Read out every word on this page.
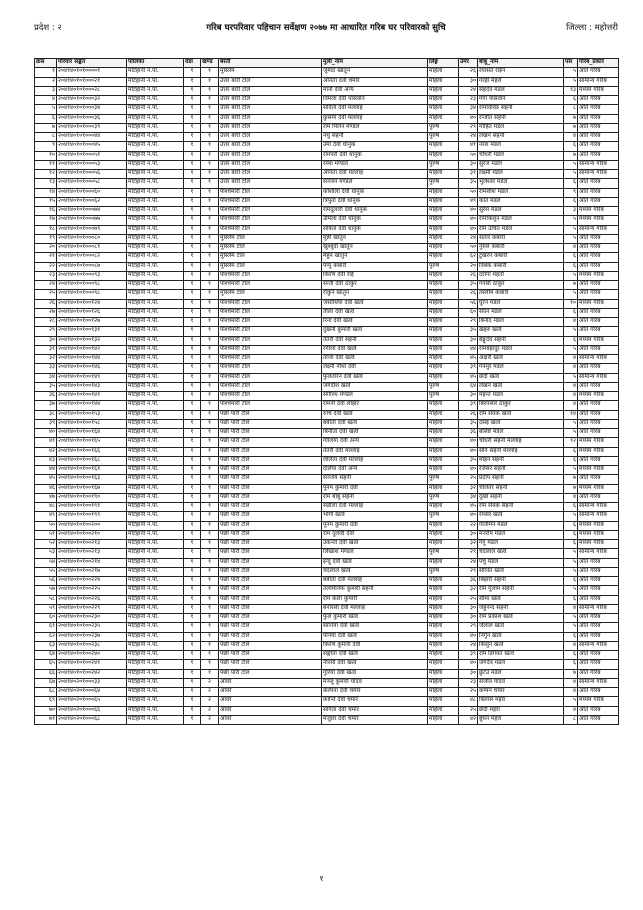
प्रदेश : २	गरिब घरपरिवार पहिचान सर्वेक्षण २०७७ मा आधारित गरिब घर परिवारको सुचि	जिल्ला : महोत्तरी
क्रसं	परिवार संङ्केत	पालिका	वडा	खण्ड	बस्ती	मुली_नाम	लिङ्ग	उमेर	बाबु_नाम	पसं	गरिब_प्रकार
१	२०४१४०१०१००००१	मटिहानी न.पा.	१	१	मुस्लिम	जुमेदा खातुन	महिला	२६	रयासत राईन	५	अति गरिब
२	२०४१४०१०१०००२१	मटिहानी न.पा.	१	१	उत्तर बारी टोल	अनिता देवी चमार	महिला	३०	गरही महरा	५	सामान्य गरिब
३	२०४१४०१०१०००२८	मटिहानी न.पा.	१	१	उत्तर बारी टोल	मानो देवी अन्य	महिला	२४	सहदेव मंडल	१३	मध्यम गरिब
४	२०४१४०१०१०००३२	मटिहानी न.पा.	१	१	उत्तर बारी टोल	विमला देवी पासवान	महिला	२३	गंगा पासवान	६	अति गरिब
५	२०४१४०१०१०००३४	मटिहानी न.पा.	१	१	उत्तर बारी टोल	सर्वितो देवी मल्लाह	महिला	३४	रामविरिछ सहनी	८	अति गरिब
६	२०४१४०१०१०००३६	मटिहानी न.पा.	१	१	उत्तर बारी टोल	कुसमा देवी मल्लाह	महिला	४०	रन्जीत सहनी	७	अति गरिब
७	२०४१४०१०१०००३९	मटिहानी न.पा.	१	१	उत्तर बारी टोल	राम मिलन मण्डल	पुरुष	२९	मोहित मंडल	७	अति गरिब
८	२०४१४०१०१०००४४	मटिहानी न.पा.	१	१	उत्तर बारी टोल	नथु सहनी	पुरुष	२४	लखन सहनी	४	अति गरिब
९	२०४१४०१०१०००४५	मटिहानी न.पा.	१	१	उत्तर बारी टोल	उमा देवी धानुक	महिला	४१	नरेश मंडल	६	अति गरिब
१०	२०४१४०१०१०००५१	मटिहानी न.पा.	१	१	उत्तर बारी टोल	रामपरी देवी धानुक	महिला	५०	चौधरी मंडल	७	अति गरिब
११	२०४१४०१०१०००५३	मटिहानी न.पा.	१	१	उत्तर बारी टोल	रमेश मण्डल	पुरुष	३०	सुरज मंडल	५	सामान्य गरिब
१२	२०४१४०१०१०००५६	मटिहानी न.पा.	१	१	उत्तर बारी टोल	अनिता देवी मल्लाह	महिला	३१	लक्ष्मी मंडल	५	सामान्य गरिब
१३	२०४१४०१०१०००५८	मटिहानी न.पा.	१	१	उत्तर बारी टोल	सञ्जन मण्डल	पुरुष	३५	भुलेश्वर मंडल	६	अति गरिब
१४	२०४१४०१०१०००६०	मटिहानी न.पा.	१	१	पश्चिमारी टोल	कौशीला देवी धानुक	महिला	५०	रामशीश मंडल	९	अति गरिब
१५	२०४१४०१०१०००६२	मटिहानी न.पा.	१	१	पश्चिमारी टोल	त्रिपुता देवी धानुक	महिला	४९	कांत मंडल	६	अति गरिब
१६	२०४१४०१०१०००७४	मटिहानी न.पा.	१	१	पश्चिमारी टोल	रामदुलारी देवी धानुक	महिला	४०	सुरेस मंडल	३	मध्यम गरिब
१७	२०४१४०१०१०००७७	मटिहानी न.पा.	१	१	पश्चिमारी टोल	उर्मिला देवी धानुक	महिला	४०	रामकिशुन मंडल	५	मध्यम गरिब
१८	२०४१४०१०१०००७९	मटिहानी न.पा.	१	१	पश्चिमारी टोल	सबिता देवी धानुक	महिला	४०	राम उचित मंडल	५	सामान्य गरिब
१९	२०४१४०१०१०००८०	मटिहानी न.पा.	१	१	मुस्लिम टोल	मुन्नी खातुन	महिला	२४	सतार कबारी	५	अति गरिब
२०	२०४१४०१०१०००८१	मटिहानी न.पा.	१	१	मुस्लिम टोल	खुश्बुदा खातुन	महिला	५०	नुरुल कबारी	४	अति गरिब
२१	२०४१४०१०१०००८२	मटिहानी न.पा.	१	१	मुस्लिम टोल	मेहुन खातुन	महिला	६२	टुखरन कबारी	६	अति गरिब
२२	२०४१४०१०१०००८७	मटिहानी न.पा.	१	१	मुस्लिम टोल	पप्पु कबारी	पुरुष	२०	विबक कबारी	६	अति गरिब
२३	२०४१४०१०१०००९३	मटिहानी न.पा.	१	१	पश्चिमारी टोल	किरण देवी राई	महिला	२६	दरोगा महतो	५	मध्यम गरिब
२४	२०४१४०१०१०००९८	मटिहानी न.पा.	१	१	पश्चिमारी टोल	सन्ती देवी ठाकुर	महिला	३५	गनेसी ठाकुर	७	अति गरिब
२५	२०४१४०१०१०००९८	मटिहानी न.पा.	१	१	मुस्लिम टोल	रौकुन खातुन	महिला	२६	तस्लीम कबारी	५	अति गरिब
२६	२०४१४०१०१००१२४	मटिहानी न.पा.	१	१	पश्चिमारी टोल	जसोधिया देवी खत्वे	महिला	५६	घुरन मंडल	१०	मध्यम गरिब
२७	२०४१४०१०१००१२६	मटिहानी न.पा.	१	१	पश्चिमारी टोल	तीला देवी खत्वे	महिला	६०	सेवन मंडल	६	अति गरिब
२८	२०४१४०१०१००१२७	मटिहानी न.पा.	१	१	पश्चिमारी टोल	रिना देवी खत्वे	महिला	२९	बिनोद मंडल	४	अति गरिब
२९	२०४१४०१०१००१३१	मटिहानी न.पा.	१	१	पश्चिमारी टोल	दुखनी कुमारी खत्वे	महिला	३५	खेहरु खत्वे	५	अति गरिब
३०	२०४१४०१०१००१३२	मटिहानी न.पा.	१	१	पश्चिमारी टोल	तेतरी देवी सहनी	महिला	३०	बेङ्गुदेव सहनी	६	मध्यम गरिब
३१	२०४१४०१०१००१४२	मटिहानी न.पा.	१	१	पश्चिमारी टोल	रंगीला देवी खत्वे	महिला	४४	रामबहादुर मंडल	५	अति गरिब
३२	२०४१४०१०१००१४४	मटिहानी न.पा.	१	१	पश्चिमारी टोल	ताजो देवी खत्वे	महिला	४५	अक्षरी खत्वे	४	सामान्य गरिब
३३	२०४१४०१०१००१४६	मटिहानी न.पा.	१	१	पश्चिमारी टोल	लक्ष्मी नीथा देवी	महिला	३९	गनमुर मंडल	४	अति गरिब
३४	२०४१४०१०१००१४९	मटिहानी न.पा.	१	१	पश्चिमारी टोल	फुलतारन देवी खत्वे	महिला	४५	छेदी खत्वे	५	सामान्य गरिब
३५	२०४१४०१०१००१४३	मटिहानी न.पा.	१	१	पश्चिमारी टोल	जगदीश खत्वे	पुरुष	६४	लखन खत्वे	४	अति गरिब
३६	२०४१४०१०१००१४१	मटिहानी न.पा.	१	१	पश्चिमारी टोल	संगीरथ मण्डल	पुरुष	३०	महन्त मंडल	४	मध्यम गरिब
३७	२०४१४०१०१००१४४	मटिहानी न.पा.	१	१	पश्चिमारी टोल	रामनी देवी लोहार	महिला	३९	बिरपसार ठाकुर	४	अति गरिब
३८	२०४१४०१०१००१५३	मटिहानी न.पा.	१	१	पछी पारी टोल	रुचि देवी खत्वे	महिला	२६	राम सेवक खत्वे	१४	अति गरिब
३९	२०४१४०१०१००१५८	मटिहानी न.पा.	१	१	पछी पारी टोल	बबीता देवी खत्वे	महिला	३५	दसई खत्वे	५	अति गरिब
४०	२०४१४०१०१००१६४	मटिहानी न.पा.	१	१	पछी पारी टोल	बिनीता देवी खत्वे	महिला	३६	बसिष्ट मंडल	५	अति गरिब
४१	२०४१४०१०१००१६५	मटिहानी न.पा.	१	१	पछी पारी टोल	गोलिया देवी अन्य	महिला	४०	चौधरी सहनी मल्लाह	१२	मध्यम गरिब
४२	२०४१४०१०१००१६६	मटिहानी न.पा.	१	१	पछी पारी टोल	तेतरी देवी मल्लाह	महिला	४०	सौने सहनी मल्लाह	६	मध्यम गरिब
४३	२०४१४०१०१००१६८	मटिहानी न.पा.	१	१	पछी पारी टोल	ललिता देवी मल्लाह	महिला	३५	मोहन सहनी	६	अति गरिब
४४	२०४१४०१०१००१६१	मटिहानी न.पा.	१	१	पछी पारी टोल	दलिया देवी अन्य	महिला	४०	रजेसर सहनी	५	मध्यम गरिब
४५	२०४१४०१०१००१६३	मटिहानी न.पा.	१	१	पछी पारी टोल	सञ्जय सहनी	पुरुष	२५	प्रदीप सहनी	७	अति गरिब
४६	२०४१४०१०१००१६७	मटिहानी न.पा.	१	१	पछी पारी टोल	पूनम कुमारी देवी	महिला	३२	चलितर सहनी	७	मध्यम गरिब
४७	२०४१४०१०१००१९०	मटिहानी न.पा.	१	१	पछी पारी टोल	राम बाबु सहनी	पुरुष	३४	दुखी सहनी	४	अति गरिब
४८	२०४१४०१०१००१९१	मटिहानी न.पा.	१	१	पछी पारी टोल	सडीला देवी मल्लाह	महिला	४५	राम सेवक सहनी	६	सामान्य गरिब
४९	२०४१४०१०१००१९९	मटिहानी न.पा.	१	१	पछी पारी टोल	भोगी खत्वे	पुरुष	४०	रमसेर खत्वे	५	सामान्य गरिब
५०	२०४१४०१०१००२००	मटिहानी न.पा.	१	१	पछी पारी टोल	पूनम कुमारी देवी	महिला	२२	गोतीमन मंडल	६	मध्यम गरिब
५१	२०४१४०१०१००२१०	मटिहानी न.पा.	१	१	पछी पारी टोल	राम दुलारी देवी	महिला	३०	मनरोप मंडल	६	मध्यम गरिब
५२	२०४१४०१०१००२१३	मटिहानी न.पा.	१	१	पछी पारी टोल	उकन्ती देवी खत्वे	महिला	३२	गंगु मंडल	६	मध्यम गरिब
५३	२०४१४०१०१००२१३	मटिहानी न.पा.	१	१	पछी पारी टोल	लिखाश मण्डल	पुरुष	२९	चंदलाल खत्वे	५	सामान्य गरिब
५४	२०४१४०१०१००२१४	मटिहानी न.पा.	१	१	पछी पारी टोल	इन्दु देवी खत्वे	महिला	२४	पचु मंडल	५	अति गरिब
५५	२०४१४०१०१००२१७	मटिहानी न.पा.	१	१	पछी पारी टोल	चंदलाल खत्वे	पुरुष	२९	सोनित खत्वे	५	अति गरिब
५६	२०४१४०१०१००२२४	मटिहानी न.पा.	१	१	पछी पारी टोल	बबीता देवी मल्लाह	महिला	३६	बिहारी सहनी	६	अति गरिब
५७	२०४१४०१०१००२२५	मटिहानी न.पा.	१	१	पछी पारी टोल	तलमिनिया कुमारी सहनी	महिला	३२	राम गुलाम सहनी	५	अति गरिब
५८	२०४१४०१०१००२२६	मटिहानी न.पा.	१	१	पछी पारी टोल	राम कला कुमारी	महिला	२५	सीमा खत्वे	६	अति गरिब
५९	२०४१४०१०१००२२९	मटिहानी न.पा.	१	१	पछी पारी टोल	बनारसी देवी मल्लाह	महिला	३०	जहुनन्द सहनी	४	सामान्य गरिब
६०	२०४१४०१०१००२३०	मटिहानी न.पा.	१	१	पछी पारी टोल	फुल कुमारी खत्वे	महिला	३०	राम प्रकाश खत्वे	५	अति गरिब
६१	२०४१४०१०१००२३५	मटिहानी न.पा.	१	१	पछी पारी टोल	सानिया देवी खत्वे	महिला	२९	जैलाल खत्वे	५	अति गरिब
६२	२०४१४०१०१००२३७	मटिहानी न.पा.	१	१	पछी पारी टोल	पनिया देवी खत्वे	महिला	४०	निर्गुन खत्वे	६	अति गरिब
६३	२०४१४०१०१००२३८	मटिहानी न.पा.	१	१	पछी पारी टोल	किरण कुमारी देवी	महिला	२४	किसुन खत्वे	४	सामान्य गरिब
६४	२०४१४०१०१००२४०	मटिहानी न.पा.	१	१	पछी पारी टोल	सङ्गीता देवी खत्वे	महिला	३९	राम डिगवत खत्वे	६	अति गरिब
६५	२०४१४०१०१००२४१	मटिहानी न.पा.	१	१	पछी पारी टोल	नीरसी देवी खत्वे	महिला	४०	जगदेव मंडल	६	अति गरिब
६६	२०४१४०१०१००२४२	मटिहानी न.पा.	१	१	पछी पारी टोल	गुरिया देवी खत्वे	महिला	३०	छुटउ मंडल	७	अति गरिब
६७	२०४१४०२०१०००३३	मटिहानी न.पा.	१	२	आवर	मञ्जु कुमारी यादव	महिला	२३	संजीव यादव	४	सामान्य गरिब
६८	२०४१४०२०१०००६४	मटिहानी न.पा.	१	२	आवर	कल्पना देवी चमार	महिला	२५	कम्पन चमार	४	अति गरिब
६९	२०४१४०२०१०००६५	मटिहानी न.पा.	१	२	आवर	कान्ति देवी चमार	महिला	४८	बिलास महरा	५	मध्यम गरिब
७०	२०४१४०२०१०००६६	मटिहानी न.पा.	१	२	आवर	संगिता देवी चमार	महिला	२५	छेदी महरा	४	अति गरिब
७१	२०४१४०२०१०००६८	मटिहानी न.पा.	१	२	आवर	मंजुला देवी चमार	महिला	४२	बुधन महरा	८	अति गरिब
१
